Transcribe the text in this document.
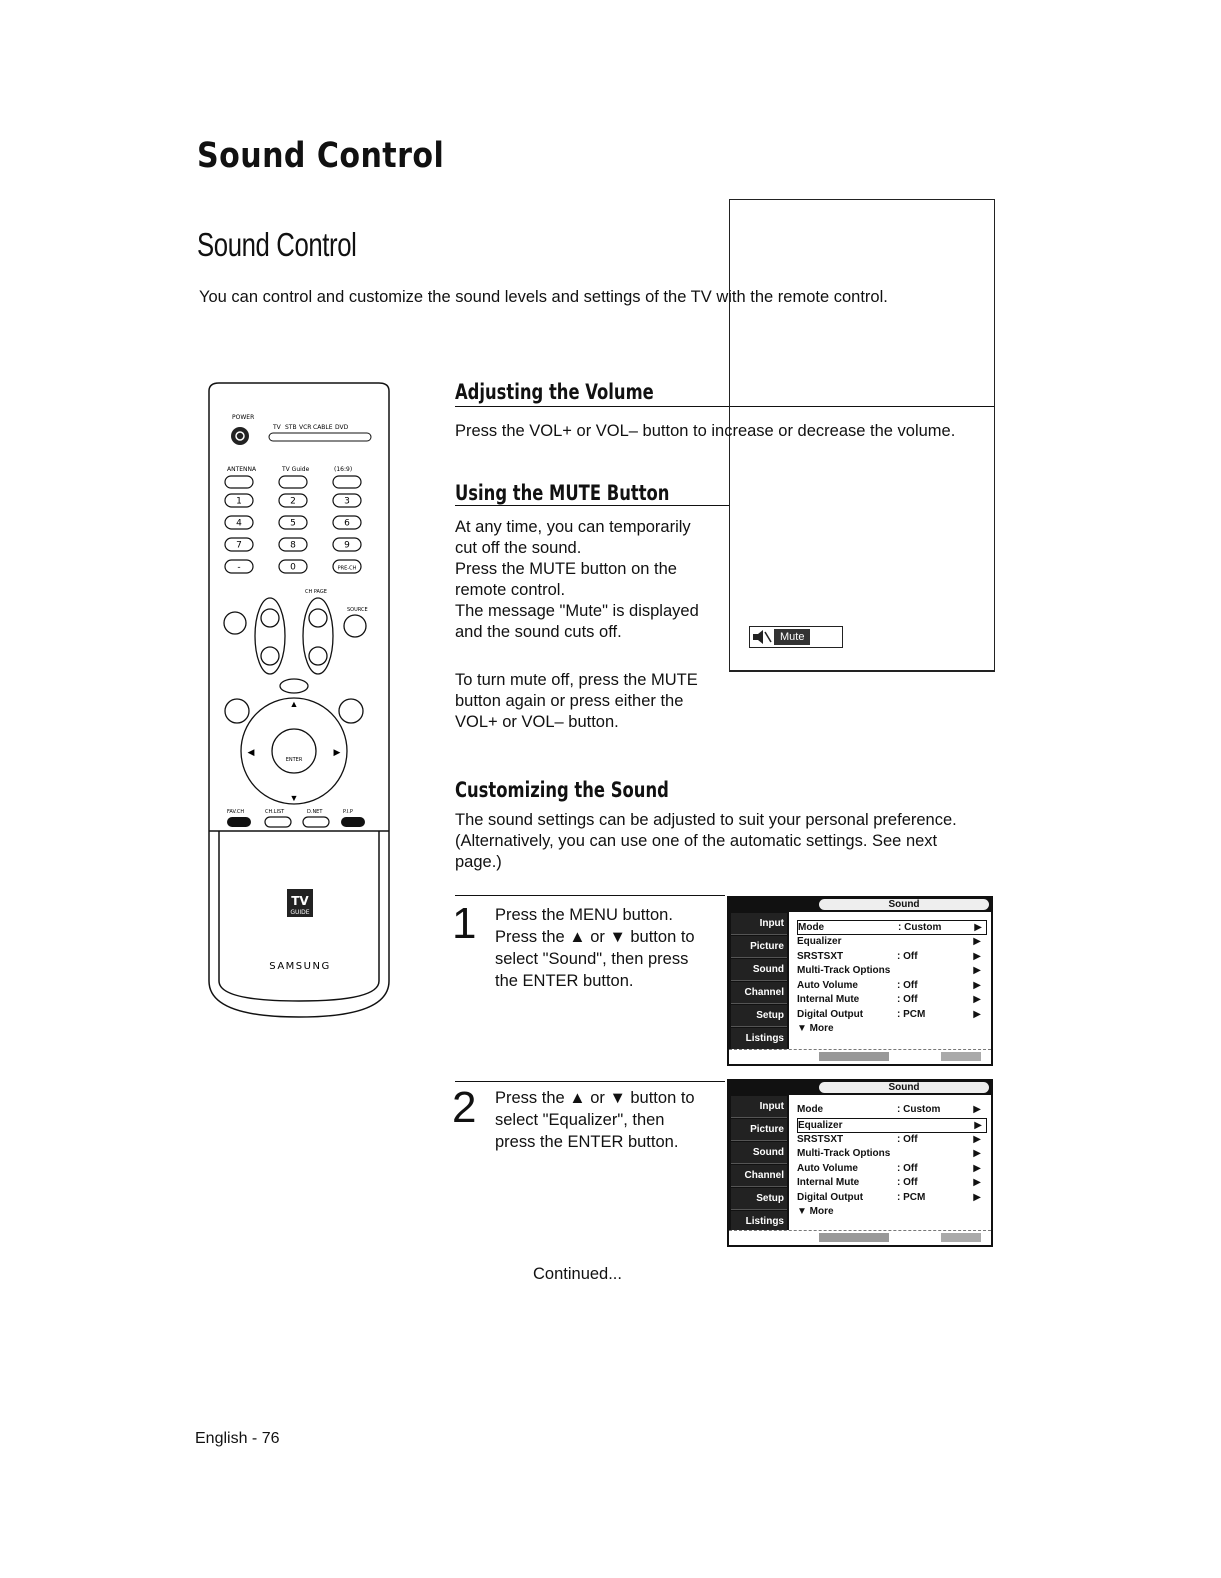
Sound Control
Sound Control
You can control and customize the sound levels and settings of the TV with the remote control.
POWER
TV STB VCR CABLE DVD
ANTENNA	TV Guide	(16:9)
1	2	3
4	5	6
7	8	9
-	0	PRE-CH
CH PAGE
SOURCE
ENTER
▲
▼
◀	▶
FAV.CH	CH.LIST	D.NET	P.I.P
TV
GUIDE
SAMSUNG
Adjusting the Volume
Press the VOL+ or VOL– button to increase or decrease the volume.
Using the MUTE Button
At any time, you can temporarily
cut off the sound.
Press the MUTE button on the
remote control.
The message "Mute" is displayed
and the sound cuts off.
To turn mute off, press the MUTE
button again or press either the
VOL+ or VOL– button.
Mute
Customizing the Sound
The sound settings can be adjusted to suit your personal preference.
(Alternatively, you can use one of the automatic settings. See next
page.)
1 Press the MENU button.
Press the ▲ or ▼ button to
select "Sound", then press
the ENTER button.
Sound
Input
Picture
Sound
Channel
Setup
Listings
Mode	: Custom	▶
Equalizer	▶
SRSTSXT	: Off	▶
Multi-Track Options	▶
Auto Volume	: Off	▶
Internal Mute	: Off	▶
Digital Output	: PCM	▶
▼ More
2 Press the ▲ or ▼ button to
select "Equalizer", then
press the ENTER button.
Sound
Input
Picture
Sound
Channel
Setup
Listings
Mode	: Custom	▶
Equalizer	▶
SRSTSXT	: Off	▶
Multi-Track Options	▶
Auto Volume	: Off	▶
Internal Mute	: Off	▶
Digital Output	: PCM	▶
▼ More
Continued...
English - 76
